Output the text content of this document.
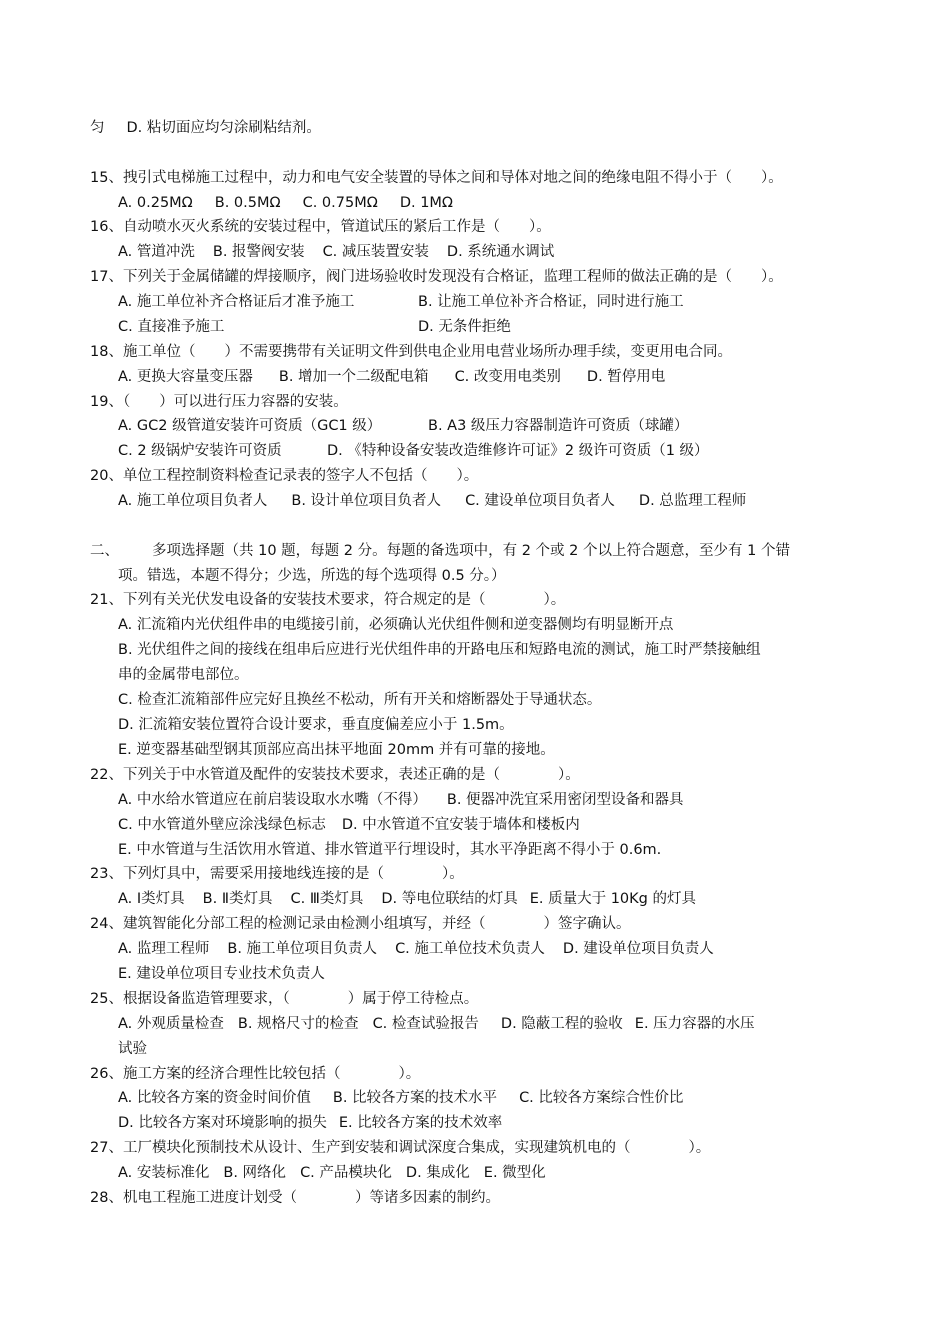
匀 D. 粘切面应均匀涂刷粘结剂。
15、拽引式电梯施工过程中，动力和电气安全装置的导体之间和导体对地之间的绝缘电阻不得小于（　　）。
A. 0.25MΩ B. 0.5MΩ C. 0.75MΩ D. 1MΩ
16、自动喷水灭火系统的安装过程中，管道试压的紧后工作是（　　）。
A. 管道冲洗 B. 报警阀安装 C. 减压装置安装 D. 系统通水调试
17、下列关于金属储罐的焊接顺序，阀门进场验收时发现没有合格证，监理工程师的做法正确的是（　　）。
A. 施工单位补齐合格证后才准予施工	B. 让施工单位补齐合格证，同时进行施工
C. 直接准予施工	D. 无条件拒绝
18、施工单位（　　）不需要携带有关证明文件到供电企业用电营业场所办理手续，变更用电合同。
A. 更换大容量变压器 B. 增加一个二级配电箱 C. 改变用电类别 D. 暂停用电
19、（　　）可以进行压力容器的安装。
A. GC2 级管道安装许可资质（GC1 级）	B. A3 级压力容器制造许可资质（球罐）
C. 2 级锅炉安装许可资质	D. 《特种设备安装改造维修许可证》2 级许可资质（1 级）
20、单位工程控制资料检查记录表的签字人不包括（　　）。
A. 施工单位项目负者人 B. 设计单位项目负者人 C. 建设单位项目负者人 D. 总监理工程师
二、 多项选择题（共 10 题，每题 2 分。每题的备选项中，有 2 个或 2 个以上符合题意，至少有 1 个错
项。错选，本题不得分；少选，所选的每个选项得 0.5 分。）
21、下列有关光伏发电设备的安装技术要求，符合规定的是（　　　　）。
A. 汇流箱内光伏组件串的电缆接引前，必须确认光伏组件侧和逆变器侧均有明显断开点
B. 光伏组件之间的接线在组串后应进行光伏组件串的开路电压和短路电流的测试，施工时严禁接触组
串的金属带电部位。
C. 检查汇流箱部件应完好且换丝不松动，所有开关和熔断器处于导通状态。
D. 汇流箱安装位置符合设计要求，垂直度偏差应小于 1.5m。
E. 逆变器基础型钢其顶部应高出抹平地面 20mm 并有可靠的接地。
22、下列关于中水管道及配件的安装技术要求，表述正确的是（　　　　）。
A. 中水给水管道应在前启装设取水水嘴（不得） B. 便器冲洗宜采用密闭型设备和器具
C. 中水管道外壁应涂浅绿色标志 D. 中水管道不宜安装于墙体和楼板内
E. 中水管道与生活饮用水管道、排水管道平行埋设时，其水平净距离不得小于 0.6m.
23、下列灯具中，需要采用接地线连接的是（　　　　）。
A. Ⅰ类灯具 B. Ⅱ类灯具 C. Ⅲ类灯具 D. 等电位联结的灯具 E. 质量大于 10Kg 的灯具
24、建筑智能化分部工程的检测记录由检测小组填写，并经（　　　　）签字确认。
A. 监理工程师 B. 施工单位项目负责人 C. 施工单位技术负责人 D. 建设单位项目负责人
E. 建设单位项目专业技术负责人
25、根据设备监造管理要求，（　　　　）属于停工待检点。
A. 外观质量检查 B. 规格尺寸的检查 C. 检查试验报告 D. 隐蔽工程的验收 E. 压力容器的水压
试验
26、施工方案的经济合理性比较包括（　　　　）。
A. 比较各方案的资金时间价值 B. 比较各方案的技术水平 C. 比较各方案综合性价比
D. 比较各方案对环境影响的损失 E. 比较各方案的技术效率
27、工厂模块化预制技术从设计、生产到安装和调试深度合集成，实现建筑机电的（　　　　）。
A. 安装标准化 B. 网络化 C. 产品模块化 D. 集成化 E. 微型化
28、机电工程施工进度计划受（　　　　）等诸多因素的制约。
